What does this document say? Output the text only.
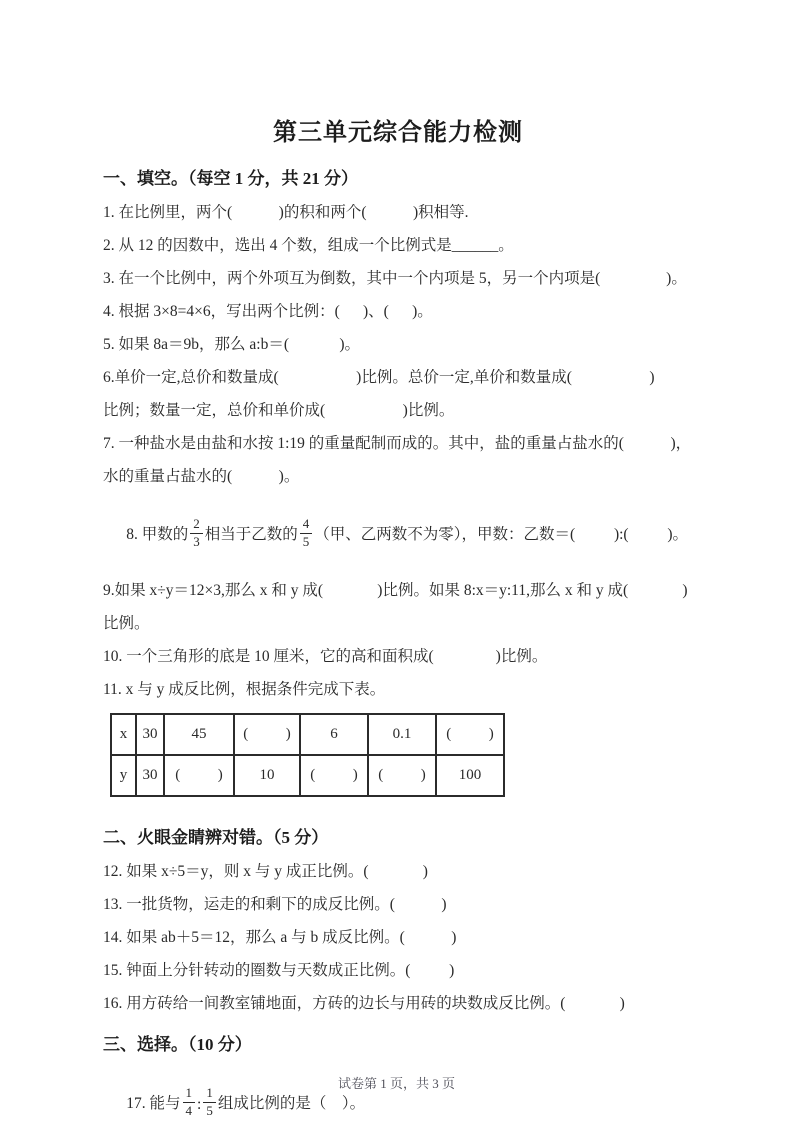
第三单元综合能力检测
一、填空。（每空 1 分，共 21 分）
1. 在比例里，两个(            )的积和两个(            )积相等.
2. 从 12 的因数中，选出 4 个数，组成一个比例式是______。
3. 在一个比例中，两个外项互为倒数，其中一个内项是 5，另一个内项是(                 )。
4. 根据 3×8=4×6，写出两个比例：(      )、(      )。
5. 如果 8a＝9b，那么 a:b＝(             )。
6.单价一定,总价和数量成(                    )比例。总价一定,单价和数量成(                    )
比例；数量一定，总价和单价成(                    )比例。
7. 一种盐水是由盐和水按 1:19 的重量配制而成的。其中，盐的重量占盐水的(            )，
水的重量占盐水的(            )。

8. 甲数的 $\frac{2}{3}$ 相当于乙数的 $\frac{4}{5}$ （甲、乙两数不为零），甲数：乙数＝(          ):(          )。

9.如果 x÷y＝12×3,那么 x 和 y 成(              )比例。如果 8:x＝y:11,那么 x 和 y 成(              )
比例。
10. 一个三角形的底是 10 厘米，它的高和面积成(                )比例。
11. x 与 y 成反比例，根据条件完成下表。
x	30	45	(          )	6	0.1	(          )
y	30	(          )	10	(          )	(          )	100
二、火眼金睛辨对错。（5 分）
12. 如果 x÷5＝y，则 x 与 y 成正比例。(              )
13. 一批货物，运走的和剩下的成反比例。(            )
14. 如果 ab＋5＝12，那么 a 与 b 成反比例。(            )
15. 钟面上分针转动的圈数与天数成正比例。(          )
16. 用方砖给一间教室铺地面，方砖的边长与用砖的块数成反比例。(              )
三、选择。（10 分）

17. 能与 $\frac{1}{4}$ : $\frac{1}{5}$ 组成比例的是（　）。

试卷第 1 页，共 3 页
